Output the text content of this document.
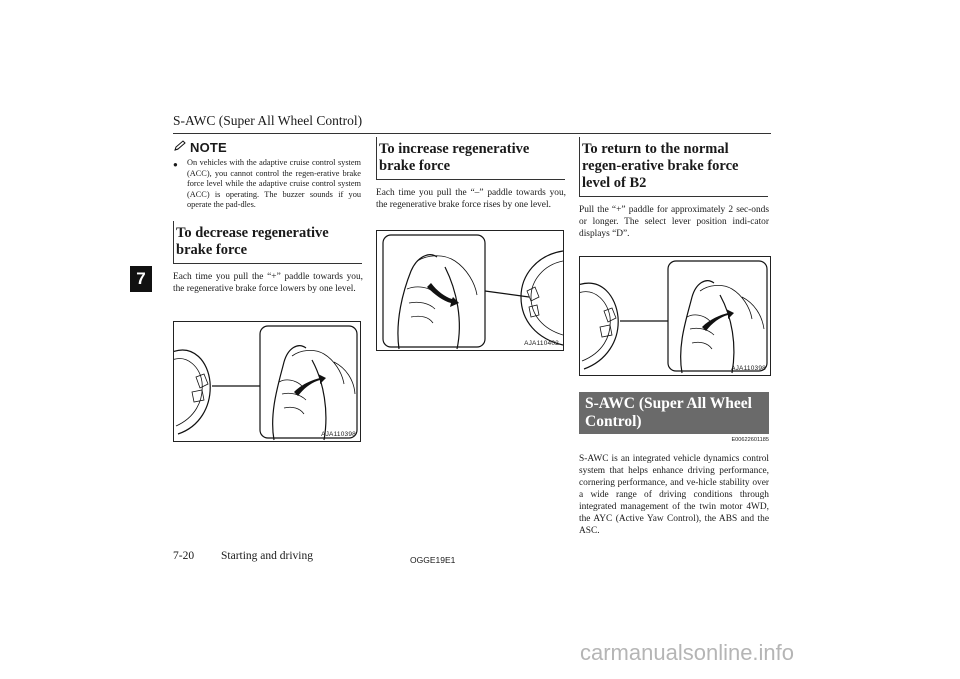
S-AWC (Super All Wheel Control)
7
NOTE
●	On vehicles with the adaptive cruise control system (ACC), you cannot control the regen-erative brake force level while the adaptive cruise control system (ACC) is operating. The buzzer sounds if you operate the pad-dles.
To decrease regenerative brake force
Each time you pull the “+” paddle towards you, the regenerative brake force lowers by one level.
AJA110398
To increase regenerative brake force
Each time you pull the “–” paddle towards you, the regenerative brake force rises by one level.
AJA110402
To return to the normal regen-erative brake force level of B2
Pull the “+” paddle for approximately 2 sec-onds or longer. The select lever position indi-cator displays “D”.
AJA110398
S-AWC (Super All Wheel Control)
E00622601185
S-AWC is an integrated vehicle dynamics control system that helps enhance driving performance, cornering performance, and ve-hicle stability over a wide range of driving conditions through integrated management of the twin motor 4WD, the AYC (Active Yaw Control), the ABS and the ASC.
7-20 Starting and driving	OGGE19E1
carmanualsonline.info
